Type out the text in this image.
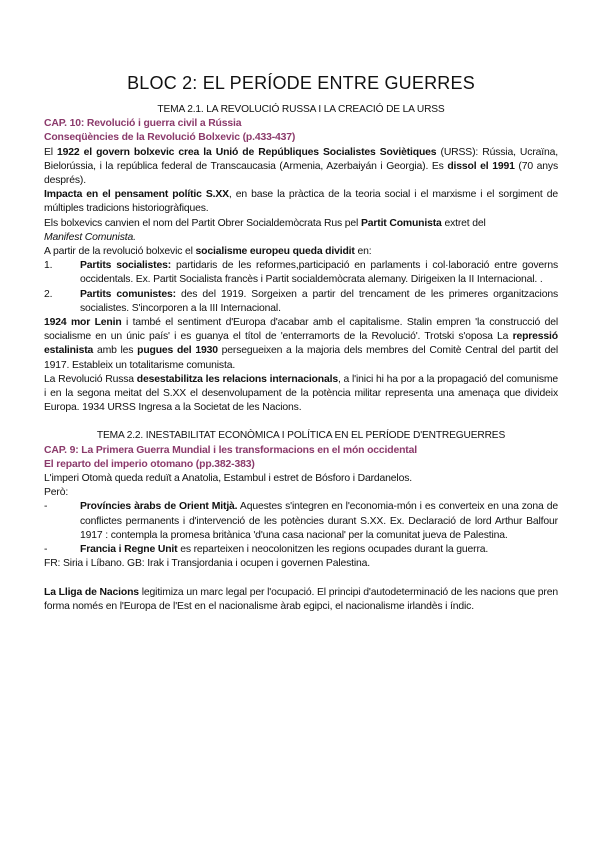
BLOC 2: EL PERÍODE ENTRE GUERRES

TEMA 2.1. LA REVOLUCIÓ RUSSA I LA CREACIÓ DE LA URSS

CAP. 10: Revolució i guerra civil a Rússia

Conseqüències de la Revolució Bolxevic (p.433-437)

El 1922 el govern bolxevic crea la Unió de Repúbliques Socialistes Soviètiques (URSS): Rússia, Ucraïna, Bielorússia, i la república federal de Transcaucasia (Armenia, Azerbaiyán i Georgia). Es dissol el 1991 (70 anys després).

Impacta en el pensament polític S.XX, en base la pràctica de la teoria social i el marxisme i el sorgiment de múltiples tradicions historiogràfiques.

Els bolxevics canvien el nom del Partit Obrer Socialdemòcrata Rus pel Partit Comunista extret del
Manifest Comunista.

A partir de la revolució bolxevic el socialisme europeu queda dividit en:

1.	Partits socialistes: partidaris de les reformes,participació en parlaments i col·laboració entre governs occidentals. Ex. Partit Socialista francès i Partit socialdemòcrata alemany. Dirigeixen la II Internacional. .
2.	Partits comunistes: des del 1919. Sorgeixen a partir del trencament de les primeres organitzacions socialistes. S'incorporen a la III Internacional.

1924 mor Lenin i també el sentiment d'Europa d'acabar amb el capitalisme. Stalin empren 'la construcció del socialisme en un únic país' i es guanya el títol de 'enterramorts de la Revolució'. Trotski s'oposa La repressió estalinista amb les pugues del 1930 persegueixen a la majoria dels membres del Comitè Central del partit del 1917. Estableix un totalitarisme comunista.

La Revolució Russa desestabilitza les relacions internacionals, a l'inici hi ha por a la propagació del comunisme i en la segona meitat del S.XX el desenvolupament de la potència militar representa una amenaça que divideix Europa. 1934 URSS Ingresa a la Societat de les Nacions.

TEMA 2.2. INESTABILITAT ECONÒMICA I POLÍTICA EN EL PERÍODE D'ENTREGUERRES

CAP. 9: La Primera Guerra Mundial i les transformacions en el món occidental

El reparto del imperio otomano (pp.382-383)

L'imperi Otomà queda reduït a Anatolia, Estambul i estret de Bósforo i Dardanelos.

Però:

-	Províncies àrabs de Orient Mitjà. Aquestes s'integren en l'economia-món i es converteix en una zona de conflictes permanents i d'intervenció de les potències durant S.XX. Ex. Declaració de lord Arthur Balfour 1917 : contempla la promesa britànica 'd'una casa nacional' per la comunitat jueva de Palestina.
-	Francia i Regne Unit es reparteixen i neocolonitzen les regions ocupades durant la guerra.

FR: Siria i Líbano. GB: Irak i Transjordania i ocupen i governen Palestina.

La Lliga de Nacions legitimiza un marc legal per l'ocupació. El principi d'autodeterminació de les nacions que pren forma només en l'Europa de l'Est en el nacionalisme àrab egipci, el nacionalisme irlandès i índic.
